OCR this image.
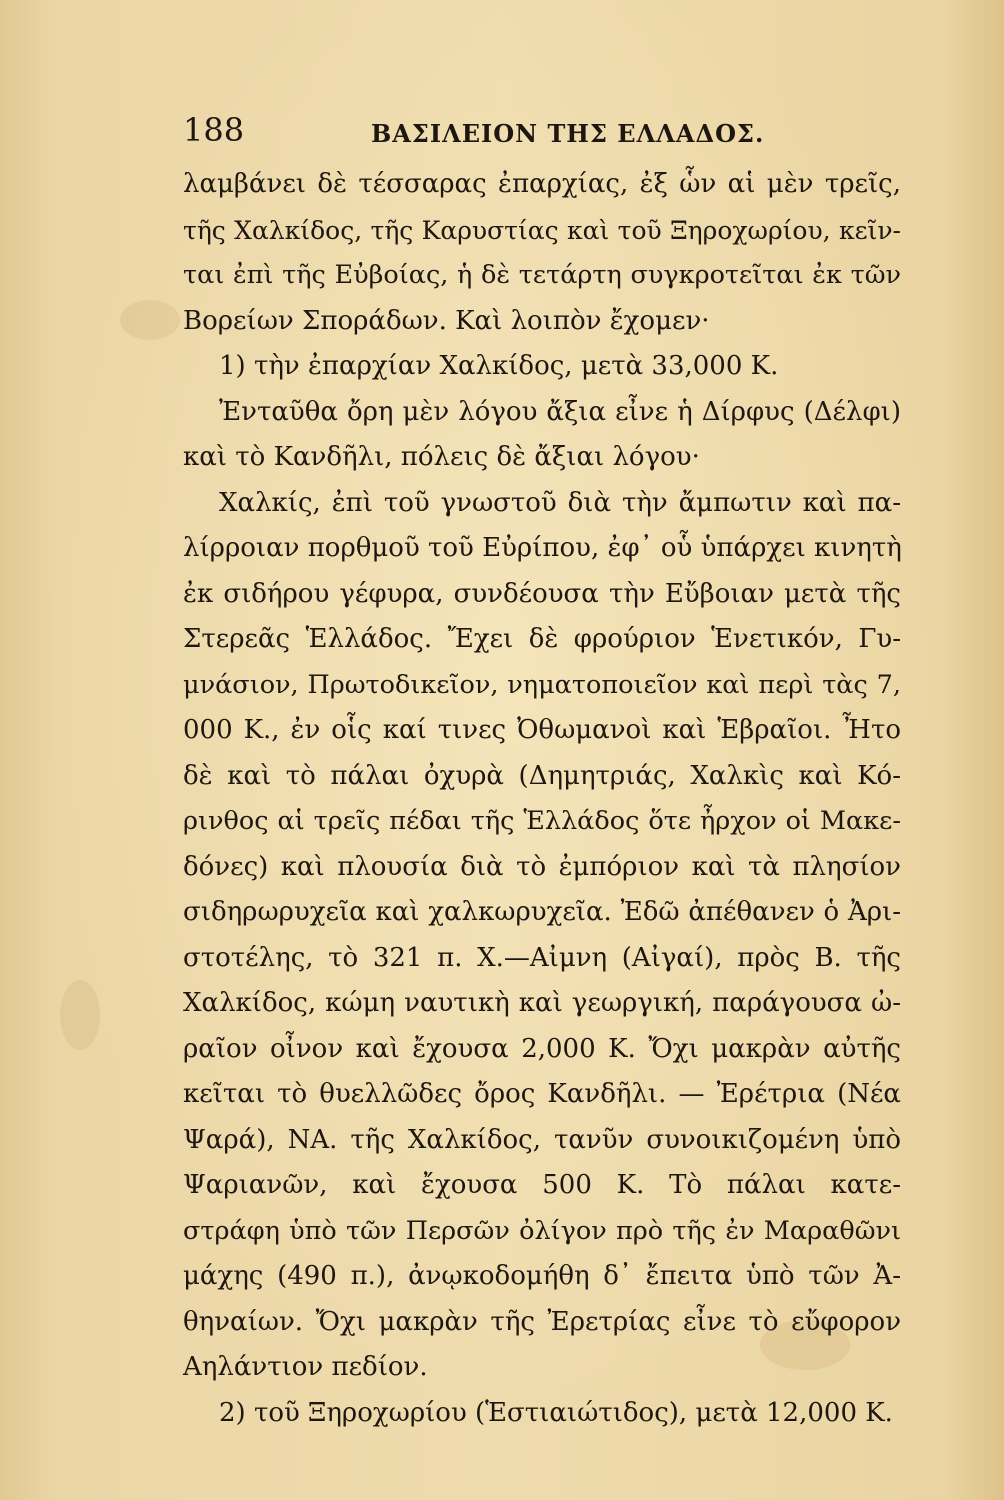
188	ΒΑΣΙΛΕΙΟΝ ΤΗΣ ΕΛΛΑΔΟΣ.
λαμβάνει δὲ τέσσαρας ἐπαρχίας, ἐξ ὧν αἱ μὲν τρεῖς,
τῆς Χαλκίδος, τῆς Καρυστίας καὶ τοῦ Ξηροχωρίου, κεῖν-
ται ἐπὶ τῆς Εὐβοίας, ἡ δὲ τετάρτη συγκροτεῖται ἐκ τῶν
Βορείων Σποράδων. Καὶ λοιπὸν ἔχομεν·
1) τὴν ἐπαρχίαν Χαλκίδος, μετὰ 33,000 Κ.
Ἐνταῦθα ὄρη μὲν λόγου ἄξια εἶνε ἡ Δίρφυς (Δέλφι)
καὶ τὸ Κανδῆλι, πόλεις δὲ ἄξιαι λόγου·
Χαλκίς, ἐπὶ τοῦ γνωστοῦ διὰ τὴν ἄμπωτιν καὶ πα-
λίρροιαν πορθμοῦ τοῦ Εὐρίπου, ἐφ᾽ οὗ ὑπάρχει κινητὴ
ἐκ σιδήρου γέφυρα, συνδέουσα τὴν Εὔβοιαν μετὰ τῆς
Στερεᾶς Ἑλλάδος. Ἔχει δὲ φρούριον Ἑνετικόν, Γυ-
μνάσιον, Πρωτοδικεῖον, νηματοποιεῖον καὶ περὶ τὰς 7,
000 Κ., ἐν οἷς καί τινες Ὀθωμανοὶ καὶ Ἑβραῖοι. Ἦτο
δὲ καὶ τὸ πάλαι ὀχυρὰ (Δημητριάς, Χαλκὶς καὶ Κό-
ρινθος αἱ τρεῖς πέδαι τῆς Ἑλλάδος ὅτε ἦρχον οἱ Μακε-
δόνες) καὶ πλουσία διὰ τὸ ἐμπόριον καὶ τὰ πλησίον
σιδηρωρυχεῖα καὶ χαλκωρυχεῖα. Ἐδῶ ἀπέθανεν ὁ Ἀρι-
στοτέλης, τὸ 321 π. Χ.—Αἰμνη (Αἰγαί), πρὸς Β. τῆς
Χαλκίδος, κώμη ναυτικὴ καὶ γεωργική, παράγουσα ὠ-
ραῖον οἶνον καὶ ἔχουσα 2,000 Κ. Ὄχι μακρὰν αὐτῆς
κεῖται τὸ θυελλῶδες ὄρος Κανδῆλι. — Ἐρέτρια (Νέα
Ψαρά), ΝΑ. τῆς Χαλκίδος, τανῦν συνοικιζομένη ὑπὸ
Ψαριανῶν, καὶ ἔχουσα 500 Κ. Τὸ πάλαι κατε-
στράφη ὑπὸ τῶν Περσῶν ὀλίγον πρὸ τῆς ἐν Μαραθῶνι
μάχης (490 π.), ἀνῳκοδομήθη δ᾽ ἔπειτα ὑπὸ τῶν Ἀ-
θηναίων. Ὄχι μακρὰν τῆς Ἐρετρίας εἶνε τὸ εὔφορον
Αηλάντιον πεδίον.
2) τοῦ Ξηροχωρίου (Ἑστιαιώτιδος), μετὰ 12,000 Κ.
